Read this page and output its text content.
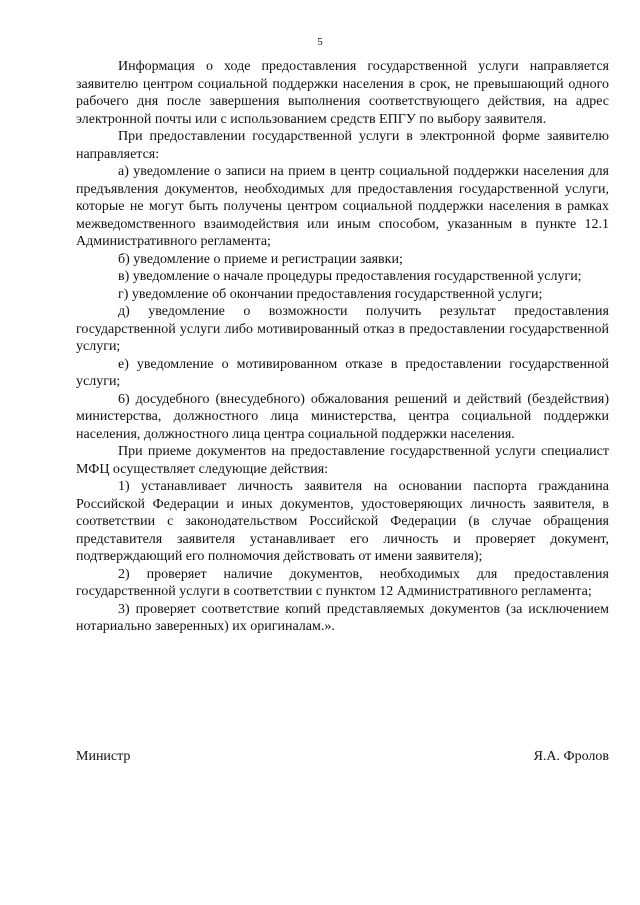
5

Информация о ходе предоставления государственной услуги направляется заявителю центром социальной поддержки населения в срок, не превышающий одного рабочего дня после завершения выполнения соответствующего действия, на адрес электронной почты или с использованием средств ЕПГУ по выбору заявителя.

При предоставлении государственной услуги в электронной форме заявителю направляется:

а) уведомление о записи на прием в центр социальной поддержки населения для предъявления документов, необходимых для предоставления государственной услуги, которые не могут быть получены центром социальной поддержки населения в рамках межведомственного взаимодействия или иным способом, указанным в пункте 12.1 Административного регламента;

б) уведомление о приеме и регистрации заявки;

в) уведомление о начале процедуры предоставления государственной услуги;

г) уведомление об окончании предоставления государственной услуги;

д) уведомление о возможности получить результат предоставления государственной услуги либо мотивированный отказ в предоставлении государственной услуги;

е) уведомление о мотивированном отказе в предоставлении государственной услуги;

6) досудебного (внесудебного) обжалования решений и действий (бездействия) министерства, должностного лица министерства, центра социальной поддержки населения, должностного лица центра социальной поддержки населения.

При приеме документов на предоставление государственной услуги специалист МФЦ осуществляет следующие действия:

1) устанавливает личность заявителя на основании паспорта гражданина Российской Федерации и иных документов, удостоверяющих личность заявителя, в соответствии с законодательством Российской Федерации (в случае обращения представителя заявителя устанавливает его личность и проверяет документ, подтверждающий его полномочия действовать от имени заявителя);

2) проверяет наличие документов, необходимых для предоставления государственной услуги в соответствии с пунктом 12 Административного регламента;

3) проверяет соответствие копий представляемых документов (за исключением нотариально заверенных) их оригиналам.».

Министр	Я.А. Фролов
